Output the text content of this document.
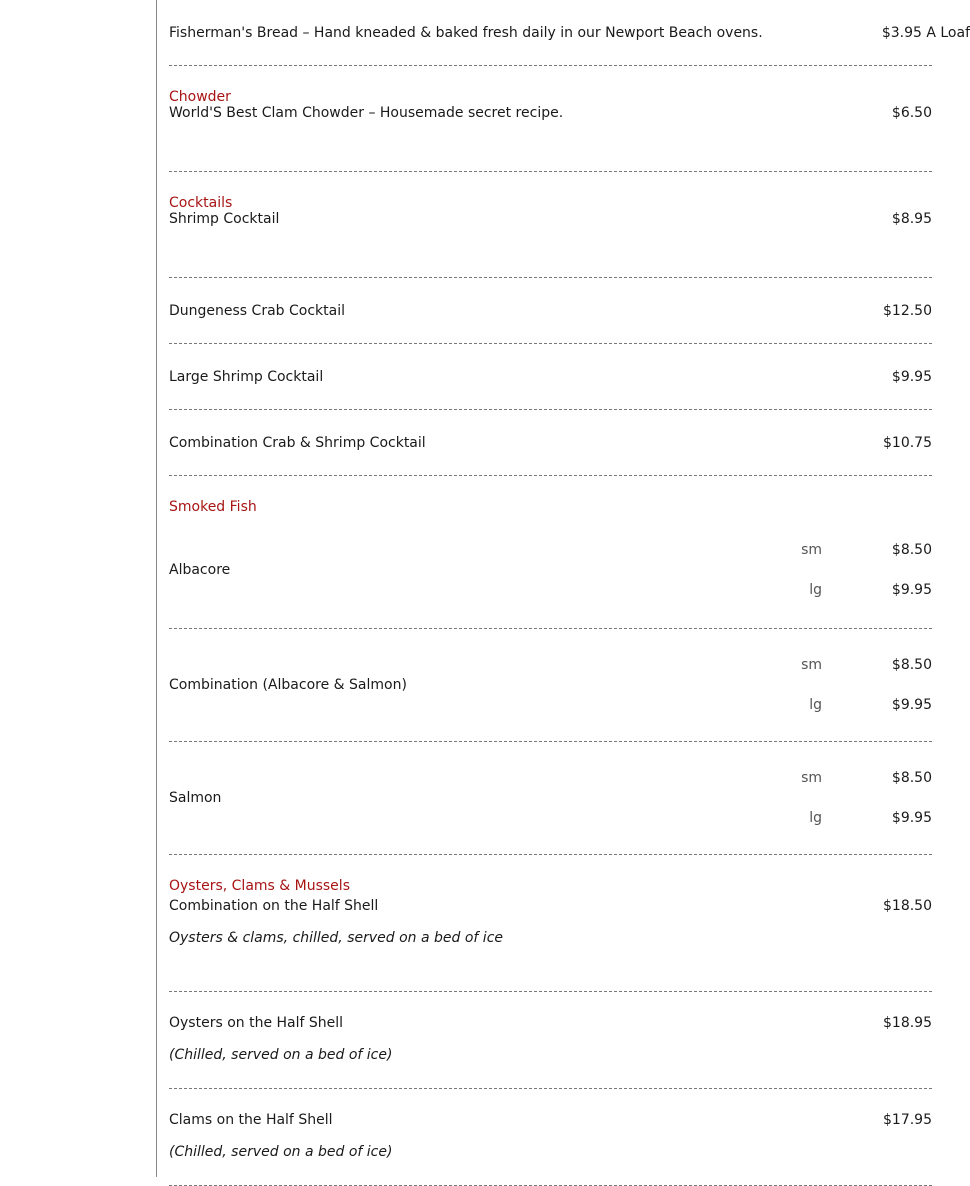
Fisherman's Bread – Hand kneaded & baked fresh daily in our Newport Beach ovens.	$3.95 A Loaf
Chowder
World'S Best Clam Chowder – Housemade secret recipe.	$6.50
Cocktails
Shrimp Cocktail	$8.95
Dungeness Crab Cocktail	$12.50
Large Shrimp Cocktail	$9.95
Combination Crab & Shrimp Cocktail	$10.75
Smoked Fish
Albacore
sm	$8.50
lg	$9.95
Combination (Albacore & Salmon)
sm	$8.50
lg	$9.95
Salmon
sm	$8.50
lg	$9.95
Oysters, Clams & Mussels
Combination on the Half Shell	$18.50
Oysters & clams, chilled, served on a bed of ice
Oysters on the Half Shell	$18.95
(Chilled, served on a bed of ice)
Clams on the Half Shell	$17.95
(Chilled, served on a bed of ice)
